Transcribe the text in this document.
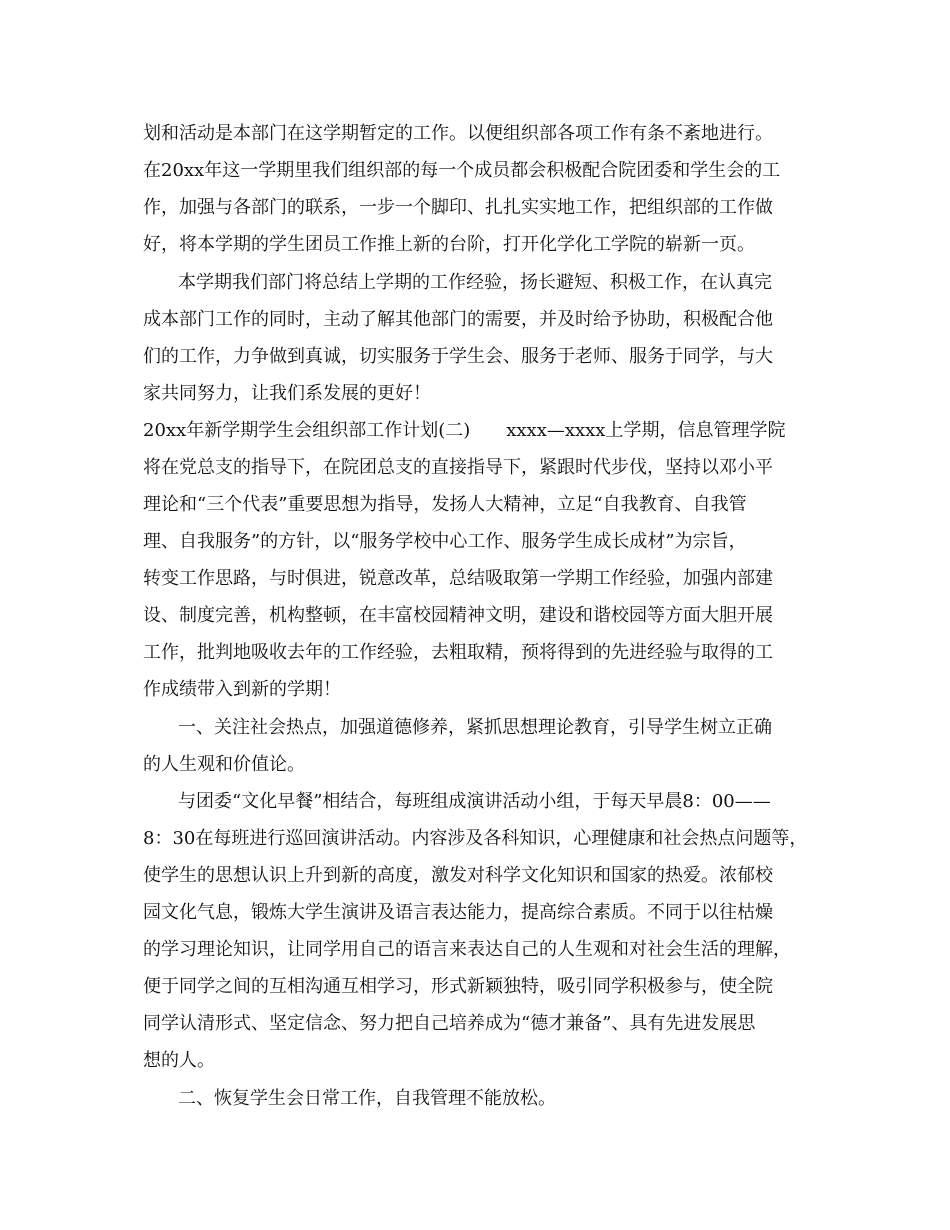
划和活动是本部门在这学期暂定的工作。以便组织部各项工作有条不紊地进行。
在20xx年这一学期里我们组织部的每一个成员都会积极配合院团委和学生会的工
作，加强与各部门的联系，一步一个脚印、扎扎实实地工作，把组织部的工作做
好，将本学期的学生团员工作推上新的台阶，打开化学化工学院的崭新一页。
本学期我们部门将总结上学期的工作经验，扬长避短、积极工作，在认真完
成本部门工作的同时，主动了解其他部门的需要，并及时给予协助，积极配合他
们的工作，力争做到真诚，切实服务于学生会、服务于老师、服务于同学，与大
家共同努力，让我们系发展的更好！
20xx年新学期学生会组织部工作计划(二)　　xxxx—xxxx上学期，信息管理学院
将在党总支的指导下，在院团总支的直接指导下，紧跟时代步伐，坚持以邓小平
理论和“三个代表”重要思想为指导，发扬人大精神，立足“自我教育、自我管
理、自我服务”的方针，以“服务学校中心工作、服务学生成长成材”为宗旨，
转变工作思路，与时俱进，锐意改革，总结吸取第一学期工作经验，加强内部建
设、制度完善，机构整顿，在丰富校园精神文明，建设和谐校园等方面大胆开展
工作，批判地吸收去年的工作经验，去粗取精，预将得到的先进经验与取得的工
作成绩带入到新的学期！
一、关注社会热点，加强道德修养，紧抓思想理论教育，引导学生树立正确
的人生观和价值论。
与团委“文化早餐”相结合，每班组成演讲活动小组，于每天早晨8：00——
8：30在每班进行巡回演讲活动。内容涉及各科知识，心理健康和社会热点问题等，
使学生的思想认识上升到新的高度，激发对科学文化知识和国家的热爱。浓郁校
园文化气息，锻炼大学生演讲及语言表达能力，提高综合素质。不同于以往枯燥
的学习理论知识，让同学用自己的语言来表达自己的人生观和对社会生活的理解，
便于同学之间的互相沟通互相学习，形式新颖独特，吸引同学积极参与，使全院
同学认清形式、坚定信念、努力把自己培养成为“德才兼备”、具有先进发展思
想的人。
二、恢复学生会日常工作，自我管理不能放松。
